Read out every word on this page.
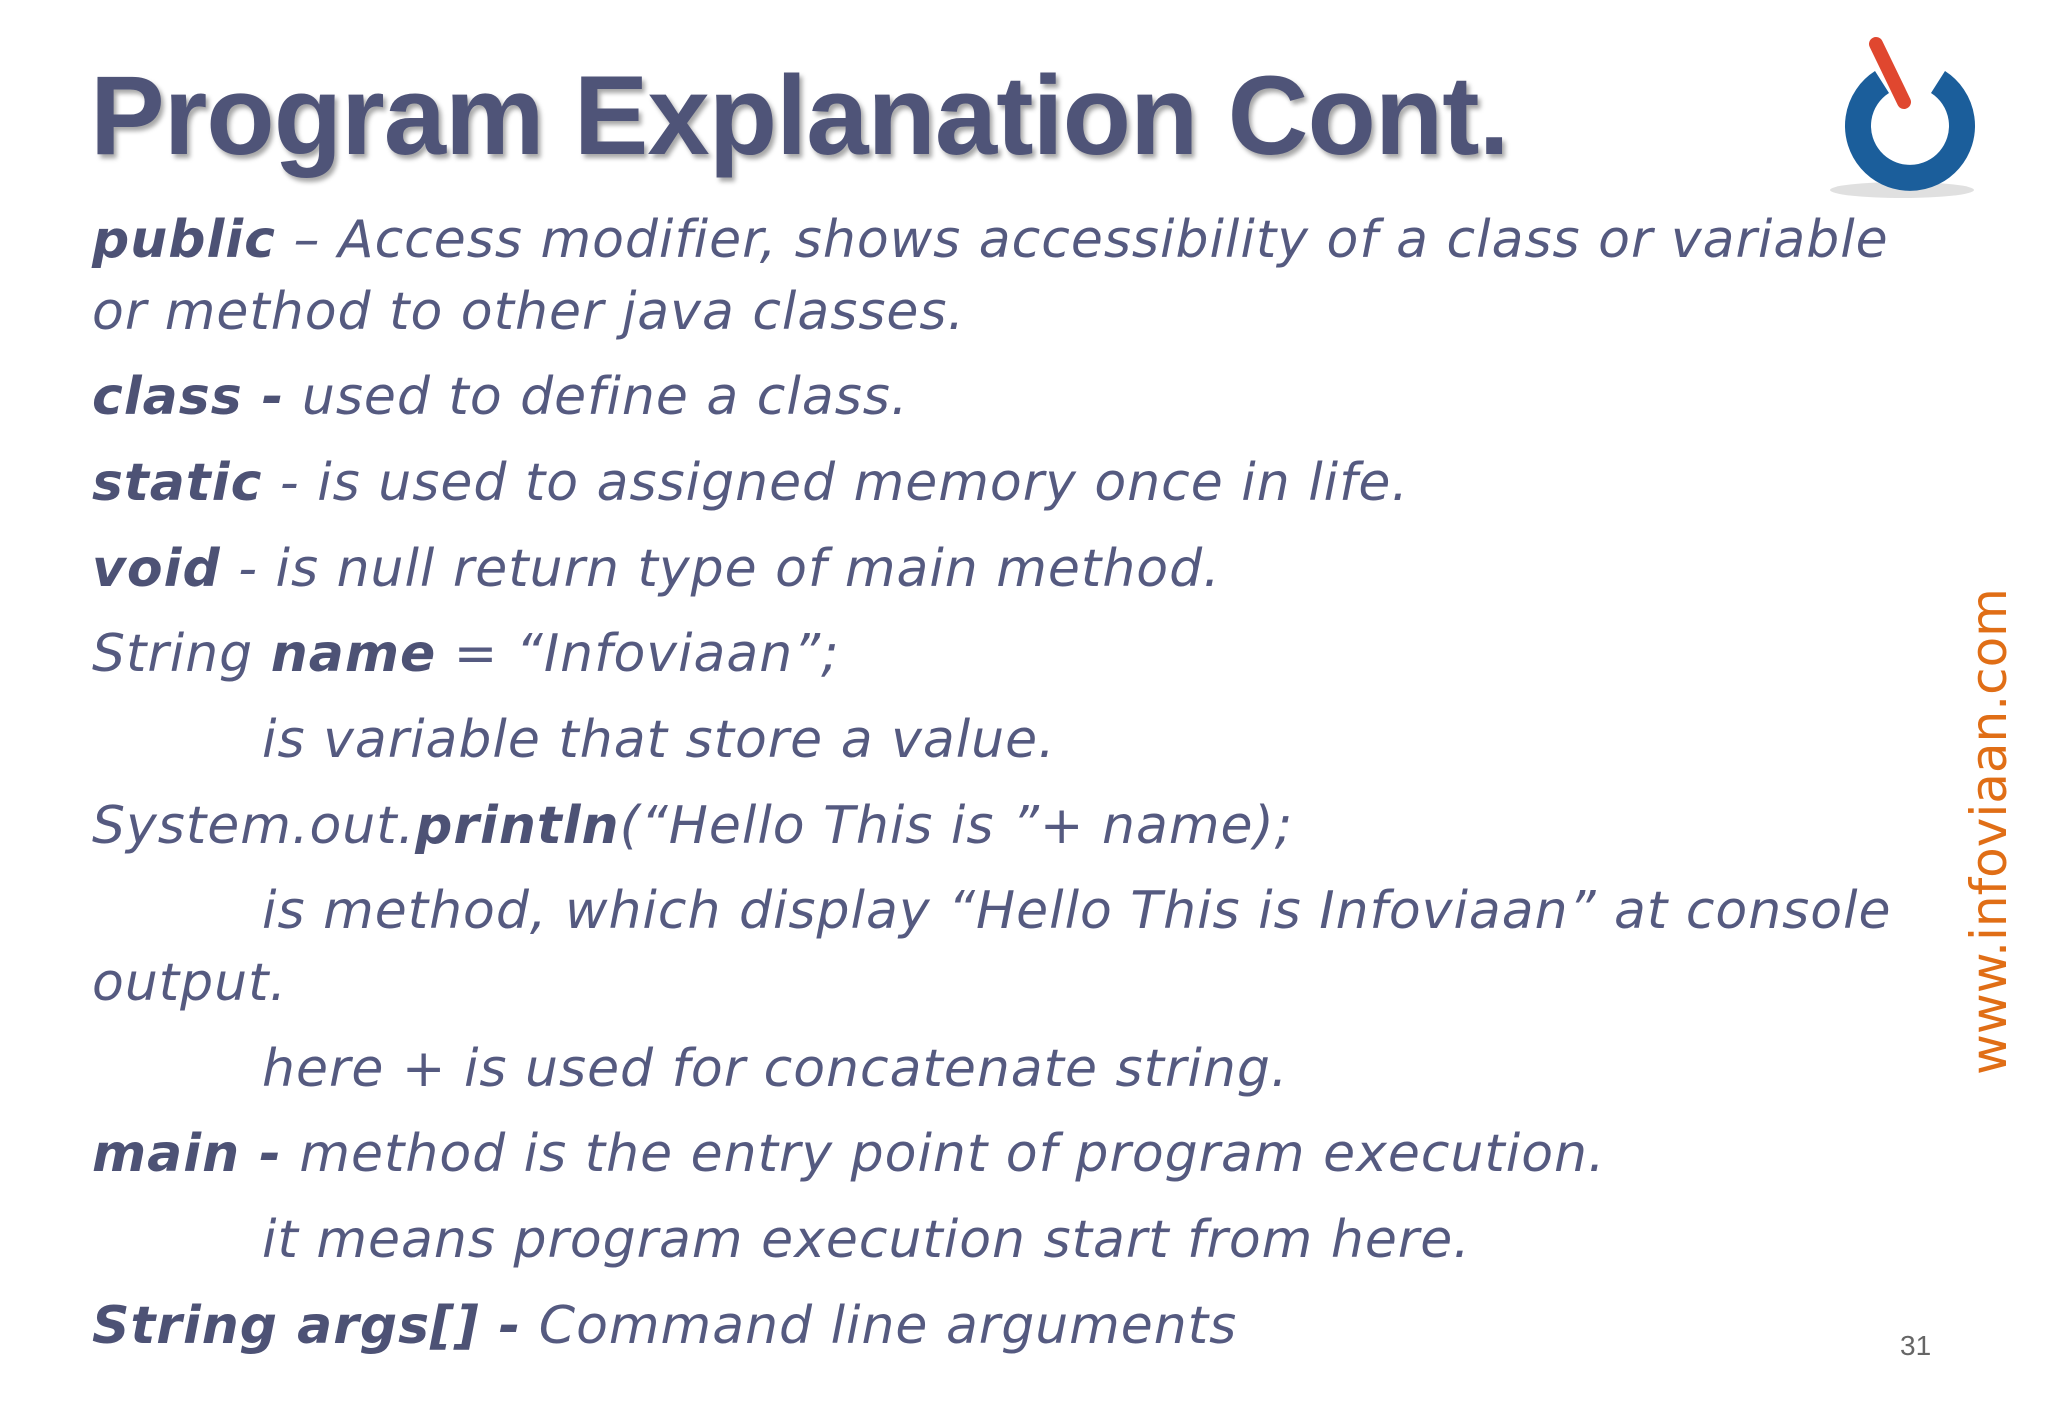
Program Explanation Cont.
public – Access modifier, shows accessibility of a class or variable
or method to other java classes.
class - used to define a class.
static - is used to assigned memory once in life.
void - is null return type of main method.
String name = “Infoviaan”;
is variable that store a value.
System.out.println(“Hello This is ”+ name);
is method, which display “Hello This is Infoviaan” at console
output.
here + is used for concatenate string.
main - method is the entry point of program execution.
it means program execution start from here.
String args[] - Command line arguments
www.infoviaan.com
31
